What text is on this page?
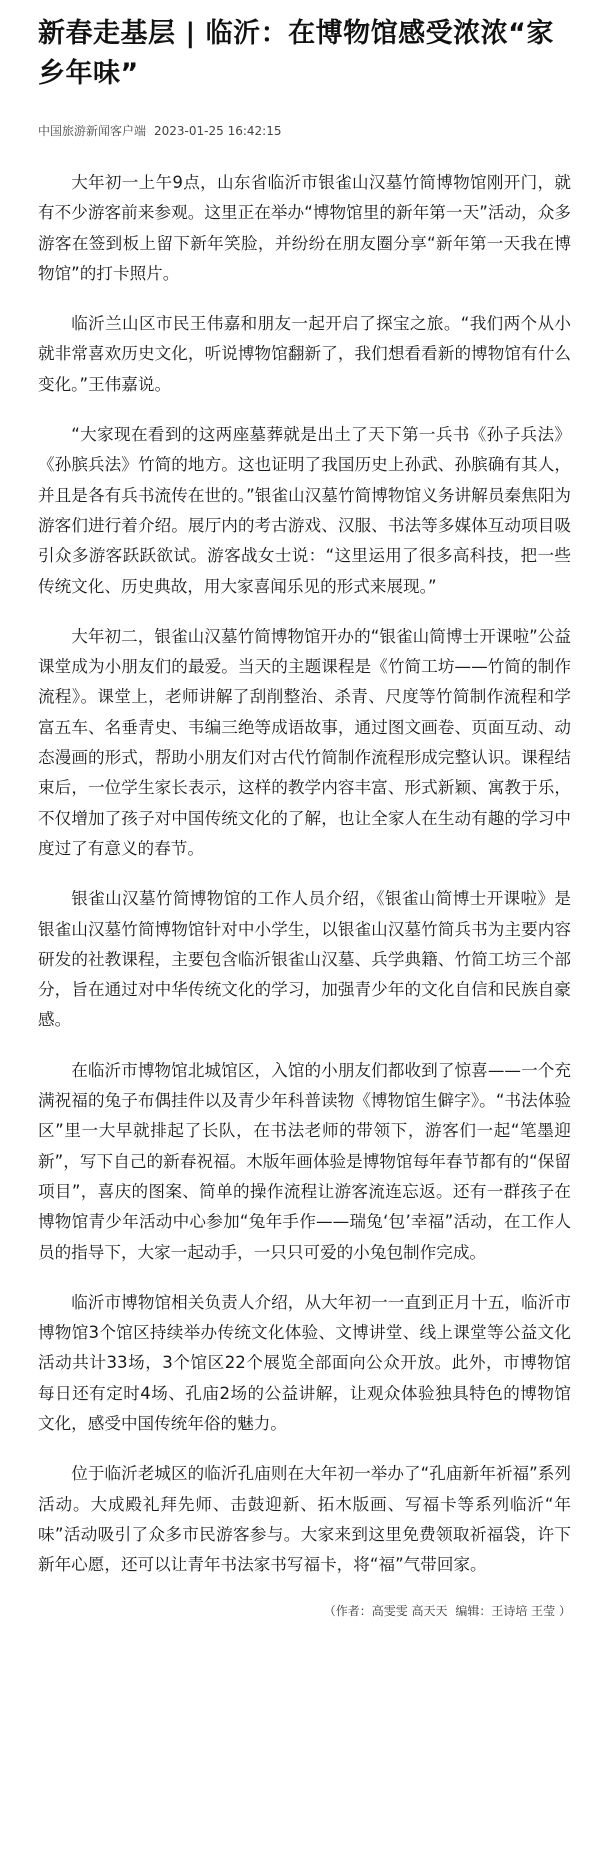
新春走基层 | 临沂：在博物馆感受浓浓“家乡年味”
中国旅游新闻客户端 2023-01-25 16:42:15

大年初一上午9点，山东省临沂市银雀山汉墓竹简博物馆刚开门，就有不少游客前来参观。这里正在举办“博物馆里的新年第一天”活动，众多游客在签到板上留下新年笑脸，并纷纷在朋友圈分享“新年第一天我在博物馆”的打卡照片。

临沂兰山区市民王伟嘉和朋友一起开启了探宝之旅。“我们两个从小就非常喜欢历史文化，听说博物馆翻新了，我们想看看新的博物馆有什么变化。”王伟嘉说。

“大家现在看到的这两座墓葬就是出土了天下第一兵书《孙子兵法》《孙膑兵法》竹简的地方。这也证明了我国历史上孙武、孙膑确有其人，并且是各有兵书流传在世的。”银雀山汉墓竹简博物馆义务讲解员秦焦阳为游客们进行着介绍。展厅内的考古游戏、汉服、书法等多媒体互动项目吸引众多游客跃跃欲试。游客战女士说：“这里运用了很多高科技，把一些传统文化、历史典故，用大家喜闻乐见的形式来展现。”

大年初二，银雀山汉墓竹简博物馆开办的“银雀山简博士开课啦”公益课堂成为小朋友们的最爱。当天的主题课程是《竹简工坊——竹简的制作流程》。课堂上，老师讲解了刮削整治、杀青、尺度等竹简制作流程和学富五车、名垂青史、韦编三绝等成语故事，通过图文画卷、页面互动、动态漫画的形式，帮助小朋友们对古代竹简制作流程形成完整认识。课程结束后，一位学生家长表示，这样的教学内容丰富、形式新颖、寓教于乐，不仅增加了孩子对中国传统文化的了解，也让全家人在生动有趣的学习中度过了有意义的春节。

银雀山汉墓竹简博物馆的工作人员介绍，《银雀山简博士开课啦》是银雀山汉墓竹简博物馆针对中小学生，以银雀山汉墓竹简兵书为主要内容研发的社教课程，主要包含临沂银雀山汉墓、兵学典籍、竹简工坊三个部分，旨在通过对中华传统文化的学习，加强青少年的文化自信和民族自豪感。

在临沂市博物馆北城馆区，入馆的小朋友们都收到了惊喜——一个充满祝福的兔子布偶挂件以及青少年科普读物《博物馆生僻字》。“书法体验区”里一大早就排起了长队，在书法老师的带领下，游客们一起“笔墨迎新”，写下自己的新春祝福。木版年画体验是博物馆每年春节都有的“保留项目”，喜庆的图案、简单的操作流程让游客流连忘返。还有一群孩子在博物馆青少年活动中心参加“兔年手作——瑞兔‘包’幸福”活动，在工作人员的指导下，大家一起动手，一只只可爱的小兔包制作完成。

临沂市博物馆相关负责人介绍，从大年初一一直到正月十五，临沂市博物馆3个馆区持续举办传统文化体验、文博讲堂、线上课堂等公益文化活动共计33场，3个馆区22个展览全部面向公众开放。此外，市博物馆每日还有定时4场、孔庙2场的公益讲解，让观众体验独具特色的博物馆文化，感受中国传统年俗的魅力。

位于临沂老城区的临沂孔庙则在大年初一举办了“孔庙新年祈福”系列活动。大成殿礼拜先师、击鼓迎新、拓木版画、写福卡等系列临沂“年味”活动吸引了众多市民游客参与。大家来到这里免费领取祈福袋，许下新年心愿，还可以让青年书法家书写福卡，将“福”气带回家。

（作者：高雯雯 高天天 编辑：王诗培 王莹 ）
